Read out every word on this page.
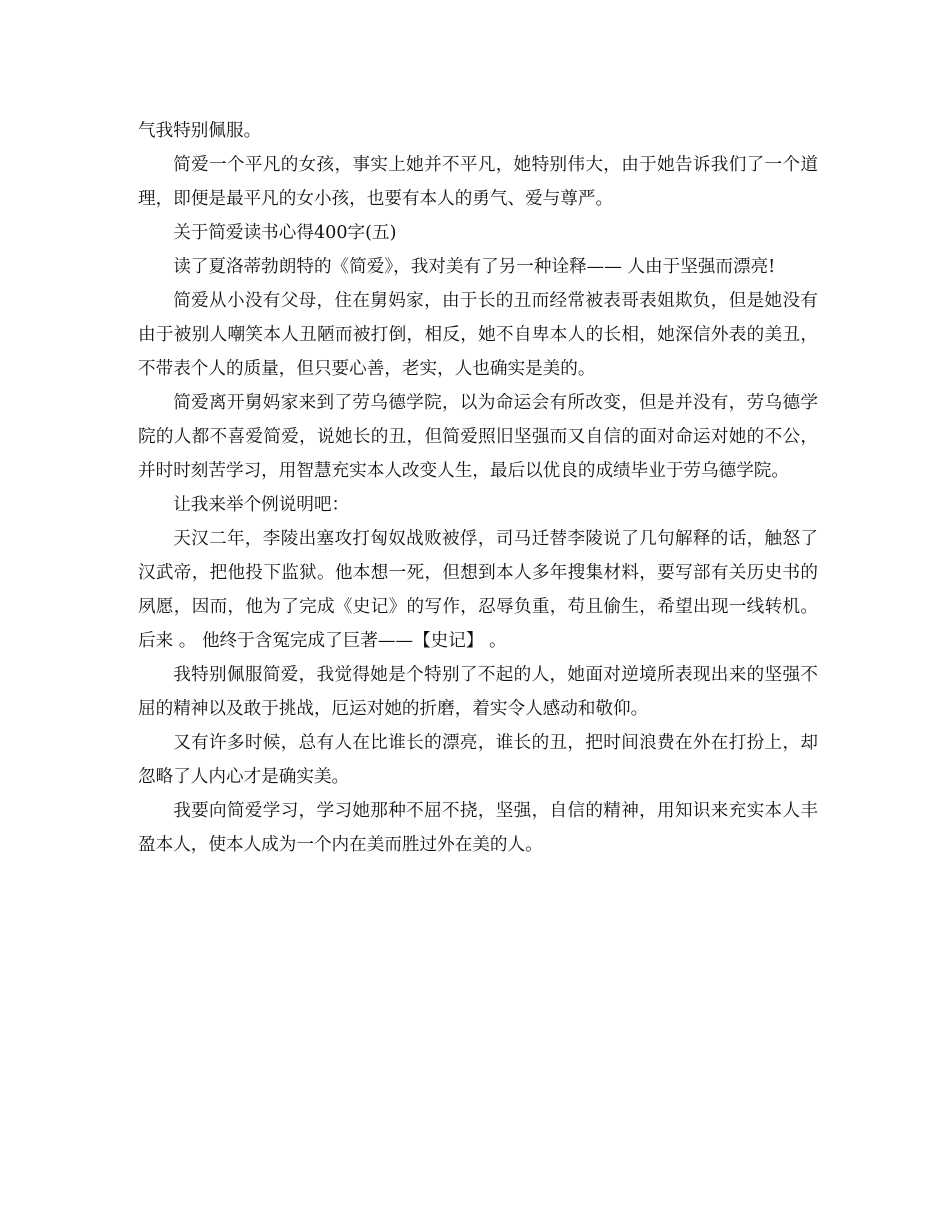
气我特别佩服。

简爱一个平凡的女孩，事实上她并不平凡，她特别伟大，由于她告诉我们了一个道理，即便是最平凡的女小孩，也要有本人的勇气、爱与尊严。

关于简爱读书心得400字(五)

读了夏洛蒂勃朗特的《简爱》，我对美有了另一种诠释—— 人由于坚强而漂亮!

简爱从小没有父母，住在舅妈家，由于长的丑而经常被表哥表姐欺负，但是她没有由于被别人嘲笑本人丑陋而被打倒，相反，她不自卑本人的长相，她深信外表的美丑，不带表个人的质量，但只要心善，老实，人也确实是美的。

简爱离开舅妈家来到了劳乌德学院，以为命运会有所改变，但是并没有，劳乌德学院的人都不喜爱简爱，说她长的丑，但简爱照旧坚强而又自信的面对命运对她的不公，并时时刻苦学习，用智慧充实本人改变人生，最后以优良的成绩毕业于劳乌德学院。

让我来举个例说明吧：

天汉二年，李陵出塞攻打匈奴战败被俘，司马迁替李陵说了几句解释的话，触怒了汉武帝，把他投下监狱。他本想一死，但想到本人多年搜集材料，要写部有关历史书的夙愿，因而，他为了完成《史记》的写作，忍辱负重，苟且偷生，希望出现一线转机。后来 。 他终于含冤完成了巨著——【史记】 。

我特别佩服简爱，我觉得她是个特别了不起的人，她面对逆境所表现出来的坚强不屈的精神以及敢于挑战，厄运对她的折磨，着实令人感动和敬仰。

又有许多时候，总有人在比谁长的漂亮，谁长的丑，把时间浪费在外在打扮上，却忽略了人内心才是确实美。

我要向简爱学习，学习她那种不屈不挠，坚强，自信的精神，用知识来充实本人丰盈本人，使本人成为一个内在美而胜过外在美的人。
